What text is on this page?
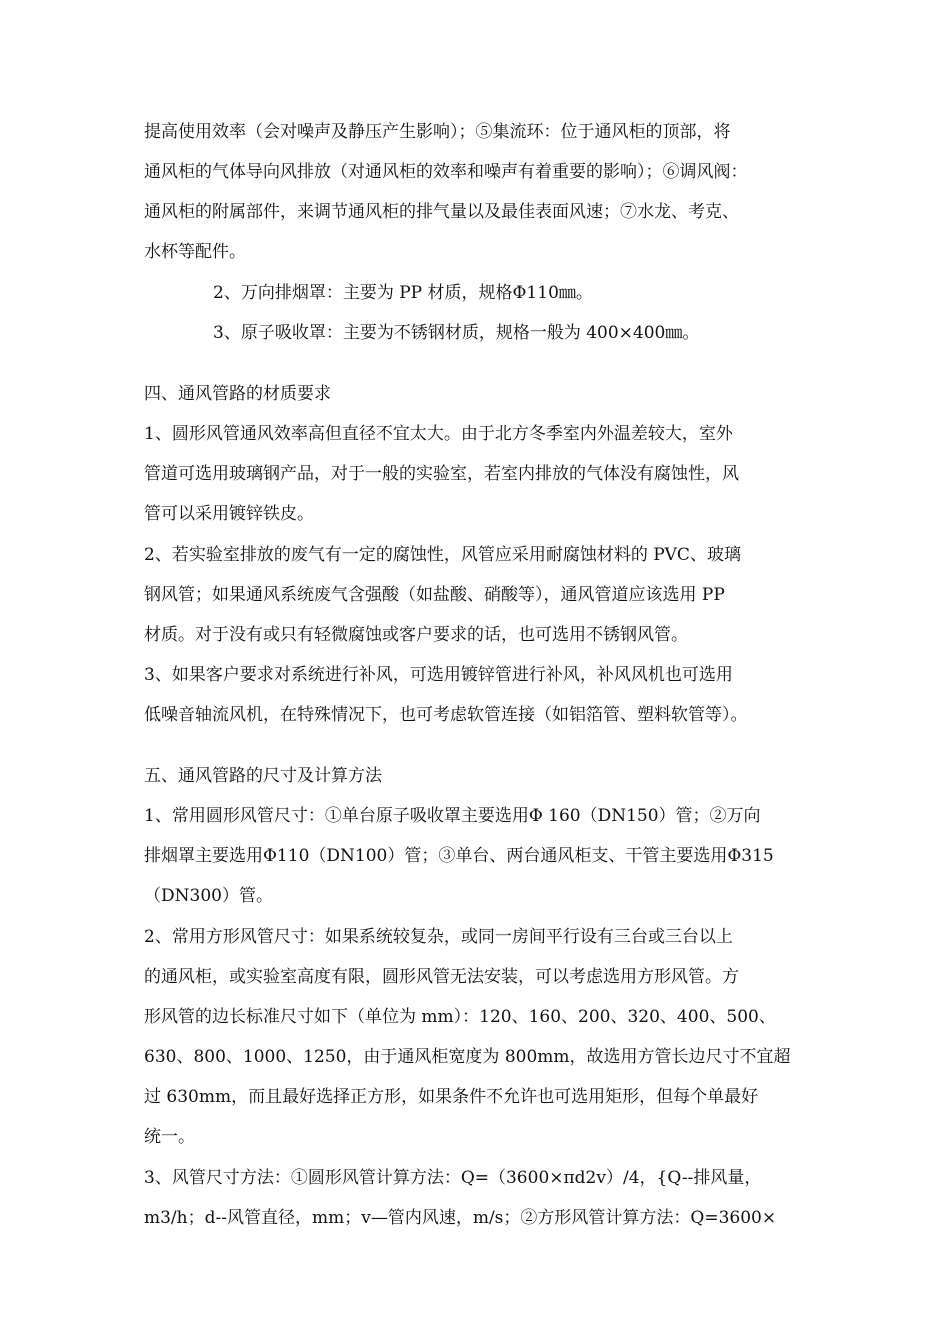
提高使用效率（会对噪声及静压产生影响）；⑤集流环：位于通风柜的顶部，将
通风柜的气体导向风排放（对通风柜的效率和噪声有着重要的影响）；⑥调风阀：
通风柜的附属部件，来调节通风柜的排气量以及最佳表面风速；⑦水龙、考克、
水杯等配件。
2、万向排烟罩：主要为 PP 材质，规格Φ110㎜。
3、原子吸收罩：主要为不锈钢材质，规格一般为 400×400㎜。
四、通风管路的材质要求
1、圆形风管通风效率高但直径不宜太大。由于北方冬季室内外温差较大，室外
管道可选用玻璃钢产品，对于一般的实验室，若室内排放的气体没有腐蚀性，风
管可以采用镀锌铁皮。
2、若实验室排放的废气有一定的腐蚀性，风管应采用耐腐蚀材料的 PVC、玻璃
钢风管；如果通风系统废气含强酸（如盐酸、硝酸等），通风管道应该选用 PP
材质。对于没有或只有轻微腐蚀或客户要求的话，也可选用不锈钢风管。
3、如果客户要求对系统进行补风，可选用镀锌管进行补风，补风风机也可选用
低噪音轴流风机，在特殊情况下，也可考虑软管连接（如铝箔管、塑料软管等）。
五、通风管路的尺寸及计算方法
1、常用圆形风管尺寸：①单台原子吸收罩主要选用Φ 160（DN150）管；②万向
排烟罩主要选用Φ110（DN100）管；③单台、两台通风柜支、干管主要选用Φ315
（DN300）管。
2、常用方形风管尺寸：如果系统较复杂，或同一房间平行设有三台或三台以上
的通风柜，或实验室高度有限，圆形风管无法安装，可以考虑选用方形风管。方
形风管的边长标准尺寸如下（单位为 mm）：120、160、200、320、400、500、
630、800、1000、1250，由于通风柜宽度为 800mm，故选用方管长边尺寸不宜超
过 630mm，而且最好选择正方形，如果条件不允许也可选用矩形，但每个单最好
统一。
3、风管尺寸方法：①圆形风管计算方法：Q=（3600×πd2v）/4，{Q--排风量，
m3/h；d--风管直径，mm；v—管内风速，m/s；②方形风管计算方法：Q=3600×
